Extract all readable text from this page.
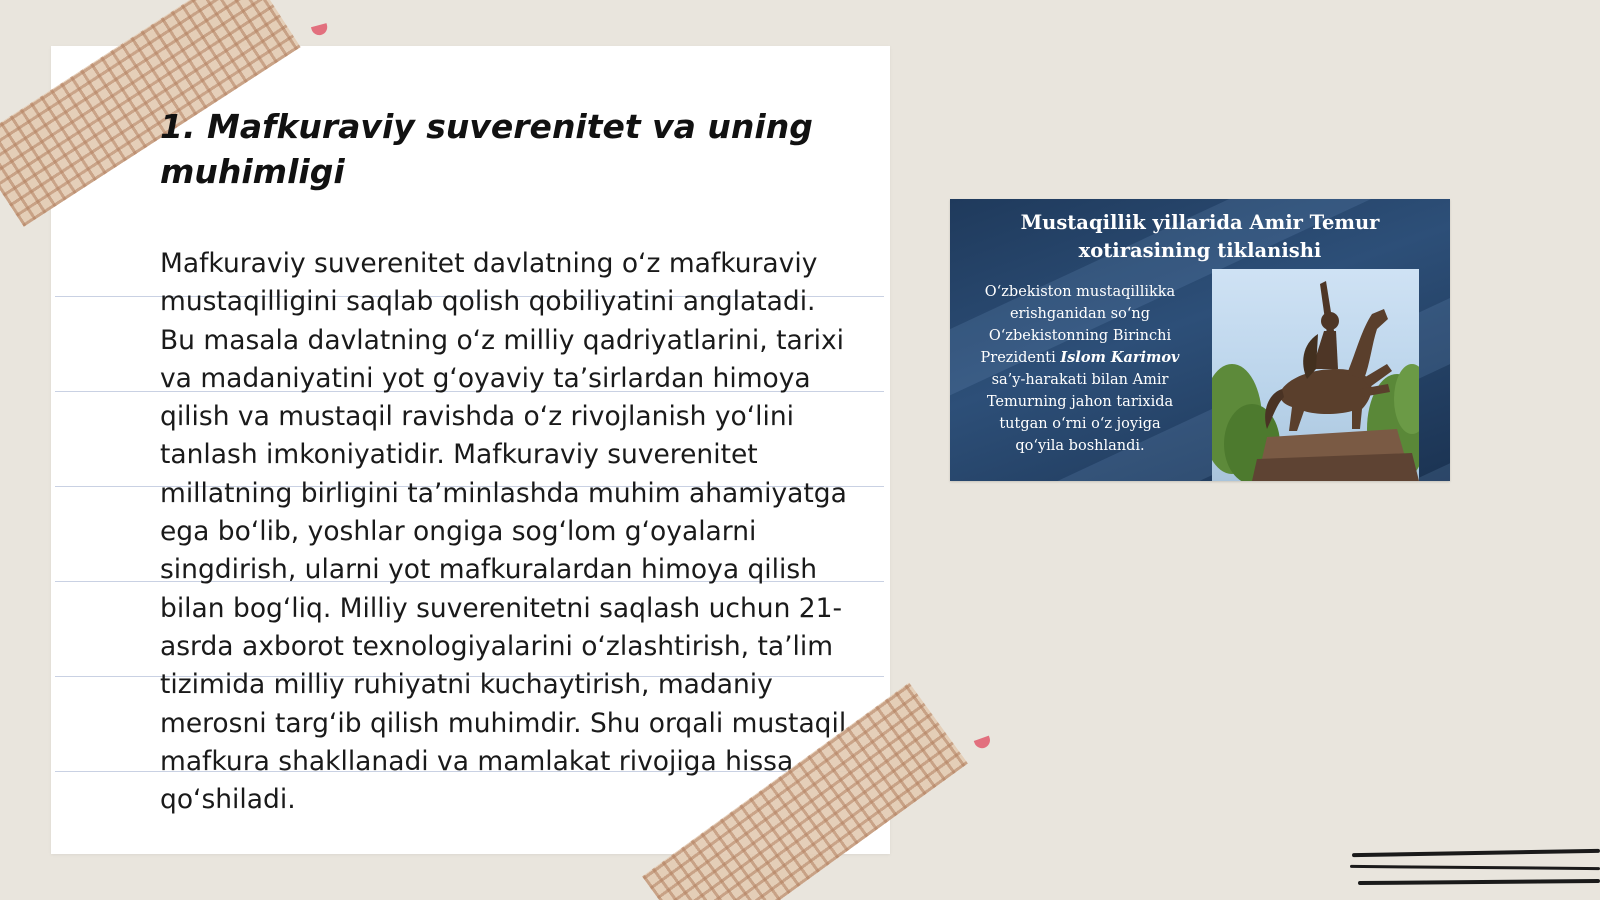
1. Mafkuraviy suverenitet va uning muhimligi

Mafkuraviy suverenitet davlatning o‘z mafkuraviy mustaqilligini saqlab qolish qobiliyatini anglatadi. Bu masala davlatning o‘z milliy qadriyatlarini, tarixi va madaniyatini yot g‘oyaviy ta’sirlardan himoya qilish va mustaqil ravishda o‘z rivojlanish yo‘lini tanlash imkoniyatidir. Mafkuraviy suverenitet millatning birligini ta’minlashda muhim ahamiyatga ega bo‘lib, yoshlar ongiga sog‘lom g‘oyalarni singdirish, ularni yot mafkuralardan himoya qilish bilan bog‘liq. Milliy suverenitetni saqlash uchun 21-asrda axborot texnologiyalarini o‘zlashtirish, ta’lim tizimida milliy ruhiyatni kuchaytirish, madaniy merosni targ‘ib qilish muhimdir. Shu orqali mustaqil mafkura shakllanadi va mamlakat rivojiga hissa qo‘shiladi.

Mustaqillik yillarida Amir Temur
xotirasining tiklanishi
O‘zbekiston mustaqillikka
erishganidan so‘ng
O‘zbekistonning Birinchi
Prezidenti Islom Karimov
sa’y-harakati bilan Amir
Temurning jahon tarixida
tutgan o‘rni o‘z joyiga
qo‘yila boshlandi.
